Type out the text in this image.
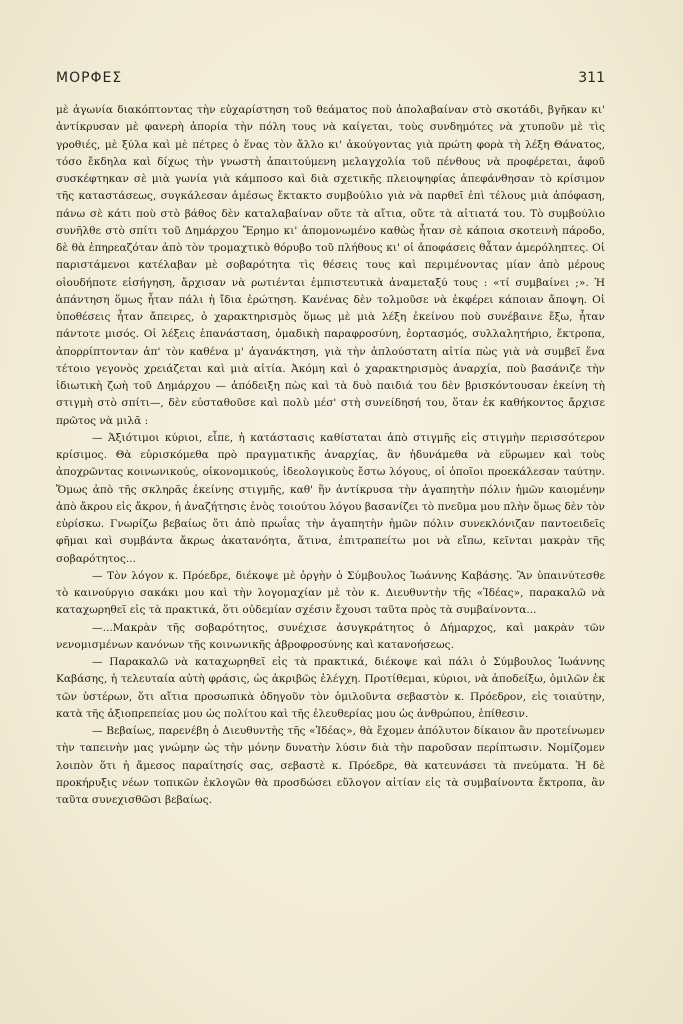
ΜΟΡΦΕΣ	311

μὲ ἀγωνία διακόπτοντας τὴν εὐχαρίστηση τοῦ θεάματος ποὺ ἀπολαβαίναν στὸ σκοτάδι, βγῆκαν κι' ἀντίκρυσαν μὲ φανερὴ ἀπορία τὴν πόλη τους νὰ καίγεται, τοὺς συνδημότες νὰ χτυποῦν μὲ τὶς γροθιές, μὲ ξύλα καὶ μὲ πέτρες ὁ ἕνας τὸν ἄλλο κι' ἀκούγοντας γιὰ πρώτη φορὰ τὴ λέξη Θάνατος, τόσο ἔκδηλα καὶ δίχως τὴν γνωστὴ ἀπαιτούμενη μελαγχολία τοῦ πένθους νὰ προφέρεται, ἀφοῦ συσκέφτηκαν σὲ μιὰ γωνία γιὰ κάμποσο καὶ διὰ σχετικῆς πλειοψηφίας ἀπεφάνθησαν τὸ κρίσιμον τῆς καταστάσεως, συγκάλεσαν ἀμέσως ἔκτακτο συμβούλιο γιὰ νὰ παρθεῖ ἐπὶ τέλους μιὰ ἀπόφαση, πάνω σὲ κάτι ποὺ στὸ βάθος δὲν καταλαβαίναν οὔτε τὰ αἴτια, οὔτε τὰ αἰτιατά του. Τὸ συμβούλιο συνῆλθε στὸ σπίτι τοῦ Δημάρχου Ἔρημο κι' ἀπομονωμένο καθὼς ἦταν σὲ κάποια σκοτεινὴ πάροδο, δὲ θὰ ἐπηρεαζόταν ἀπὸ τὸν τρομαχτικὸ θόρυβο τοῦ πλήθους κι' οἱ ἀποφάσεις θἆταν ἀμερόληπτες. Οἱ παριστάμενοι κατέλαβαν μὲ σοβαρότητα τὶς θέσεις τους καὶ περιμένοντας μίαν ἀπὸ μέρους οἱουδήποτε εἰσήγηση, ἄρχισαν νὰ ρωτιένται ἐμπιστευτικὰ ἀναμεταξύ τους : «τί συμβαίνει ;». Ἡ ἀπάντηση ὅμως ἦταν πάλι ἡ ἴδια ἐρώτηση. Κανένας δὲν τολμοῦσε νὰ ἐκφέρει κάποιαν ἄποψη. Οἱ ὑποθέσεις ἦταν ἄπειρες, ὁ χαρακτηρισμὸς ὅμως μὲ μιὰ λέξη ἐκείνου ποὺ συνέβαινε ἔξω, ἦταν πάντοτε μισός. Οἱ λέξεις ἐπανάσταση, ὁμαδικὴ παραφροσύνη, ἑορτασμός, συλλαλητήριο, ἔκτροπα, ἀπορρίπτονταν ἀπ' τὸν καθένα μ' ἀγανάκτηση, γιὰ τὴν ἁπλούστατη αἰτία πὼς γιὰ νὰ συμβεῖ ἕνα τέτοιο γεγονὸς χρειάζεται καὶ μιὰ αἰτία. Ἀκόμη καὶ ὁ χαρακτηρισμὸς ἀναρχία, ποὺ βασάνιζε τὴν ἰδιωτικὴ ζωὴ τοῦ Δημάρχου — ἀπόδειξη πὼς καὶ τὰ δυὸ παιδιά του δὲν βρισκόντουσαν ἐκείνη τὴ στιγμὴ στὸ σπίτι—, δὲν εὐσταθοῦσε καὶ πολὺ μέσ' στὴ συνείδησή του, ὅταν ἐκ καθήκοντος ἄρχισε πρῶτος νὰ μιλᾶ :

— Ἀξιότιμοι κύριοι, εἶπε, ἡ κατάστασις καθίσταται ἀπὸ στιγμῆς εἰς στιγμὴν περισσότερον κρίσιμος. Θὰ εὑρισκόμεθα πρὸ πραγματικῆς ἀναρχίας, ἂν ἠδυνάμεθα νὰ εὕρωμεν καὶ τοὺς ἀποχρῶντας κοινωνικούς, οἰκονομικούς, ἰδεολογικοὺς ἔστω λόγους, οἱ ὁποῖοι προεκάλεσαν ταύτην. Ὅμως ἀπὸ τῆς σκληρᾶς ἐκείνης στιγμῆς, καθ' ἣν ἀντίκρυσα τὴν ἀγαπητὴν πόλιν ἡμῶν καιομένην ἀπὸ ἄκρου εἰς ἄκρον, ἡ ἀναζήτησις ἑνὸς τοιούτου λόγου βασανίζει τὸ πνεῦμα μου πλὴν ὅμως δὲν τὸν εὑρίσκω. Γνωρίζω βεβαίως ὅτι ἀπὸ πρωΐας τὴν ἀγαπητὴν ἡμῶν πόλιν συνεκλόνιζαν παντοειδεῖς φῆμαι καὶ συμβάντα ἄκρως ἀκατανόητα, ἅτινα, ἐπιτραπείτω μοι νὰ εἴπω, κεῖνται μακρὰν τῆς σοβαρότητος...

— Τὸν λόγον κ. Πρόεδρε, διέκοψε μὲ ὀργὴν ὁ Σύμβουλος Ἰωάννης Καβάσης. Ἂν ὑπαινύτεσθε τὸ καινούργιο σακάκι μου καὶ τὴν λογομαχίαν μὲ τὸν κ. Διευθυντὴν τῆς «Ἰδέας», παρακαλῶ νὰ καταχωρηθεῖ εἰς τὰ πρακτικά, ὅτι οὐδεμίαν σχέσιν ἔχουσι ταῦτα πρὸς τὰ συμβαίνοντα...

—...Μακρὰν τῆς σοβαρότητος, συνέχισε ἀσυγκράτητος ὁ Δήμαρχος, καὶ μακρὰν τῶν νενομισμένων κανόνων τῆς κοινωνικῆς ἀβροφροσύνης καὶ κατανοήσεως.

— Παρακαλῶ νὰ καταχωρηθεῖ εἰς τὰ πρακτικά, διέκοψε καὶ πάλι ὁ Σύμβουλος Ἰωάννης Καβάσης, ἡ τελευταία αὐτὴ φράσις, ὡς ἀκριβῶς ἐλέγχη. Προτίθεμαι, κύριοι, νὰ ἀποδείξω, ὁμιλῶν ἐκ τῶν ὑστέρων, ὅτι αἴτια προσωπικὰ ὁδηγοῦν τὸν ὁμιλοῦντα σεβαστὸν κ. Πρόεδρον, εἰς τοιαύτην, κατὰ τῆς ἀξιοπρεπείας μου ὡς πολίτου καὶ τῆς ἐλευθερίας μου ὡς ἀνθρώπου, ἐπίθεσιν.

— Βεβαίως, παρενέβη ὁ Διευθυντὴς τῆς «Ἰδέας», θὰ ἔχομεν ἀπόλυτον δίκαιον ἂν προτείνωμεν τὴν ταπεινὴν μας γνώμην ὡς τὴν μόνην δυνατὴν λύσιν διὰ τὴν παροῦσαν περίπτωσιν. Νομίζομεν λοιπὸν ὅτι ἡ ἄμεσος παραίτησίς σας, σεβαστὲ κ. Πρόεδρε, θὰ κατευνάσει τὰ πνεύματα. Ἡ δὲ προκήρυξις νέων τοπικῶν ἐκλογῶν θὰ προσδώσει εὔλογον αἰτίαν εἰς τὰ συμβαίνοντα ἔκτροπα, ἂν ταῦτα συνεχισθῶσι βεβαίως.
